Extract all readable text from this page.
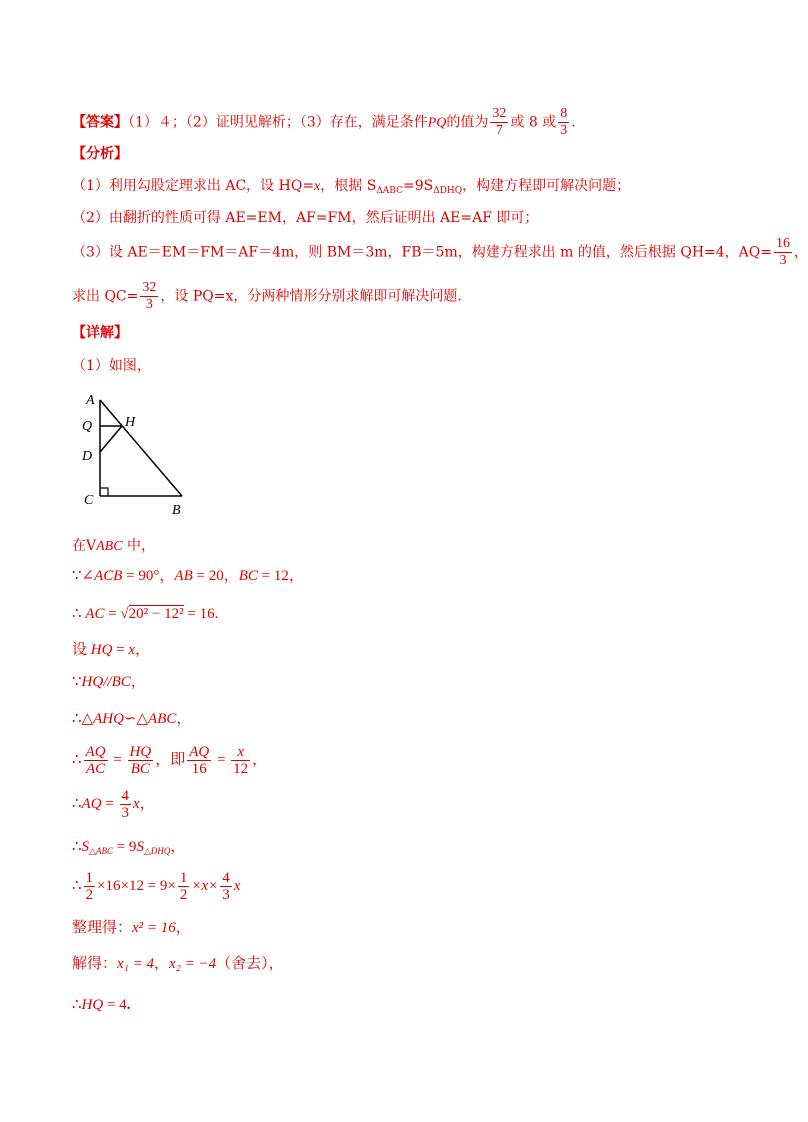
【答案】（1）４；（2）证明见解析；（3）存在，满足条件PQ的值为 $\frac{32}{7}$ 或 8 或 $\frac{8}{3}$ .
【分析】
（1）利用勾股定理求出 AC，设 HQ=x，根据 $S_{\Delta ABC}=9S_{\Delta DHQ}$，构建方程即可解决问题；
（2）由翻折的性质可得 AE=EM，AF=FM，然后证明出 AE=AF 即可；
（3）设 AE＝EM＝FM＝AF＝4m，则 BM＝3m，FB＝5m，构建方程求出 m 的值，然后根据 QH=4，$AQ= \frac{16}{3}$ ，
求出 $QC= \frac{32}{3}$ ，设 PQ=x，分两种情形分别求解即可解决问题.
【详解】
（1）如图，
A
Q H
D
C
B
在VABC 中，
∵∠ACB = 90°，AB = 20，BC = 12，
∴ AC = √20² − 12² = 16.
设 HQ = x，
∵HQ//BC，
∴△AHQ∽△ABC，
∴ $\frac{AQ}{AC} = \frac{HQ}{BC}$ ，即 $\frac{AQ}{16} = \frac{x}{12}$ ，
∴AQ = $\frac{4}{3}$ x，
$\therefore S_{\triangle ABC} = 9S_{\triangle DHQ}$，
∴ $\frac{1}{2} \times 16\times 12 = 9\times \frac{1}{2} \times x\times \frac{4}{3}$ x
整理得：x² = 16，
解得：x₁ = 4，x₂ = −4（舍去），
∴HQ = 4.
